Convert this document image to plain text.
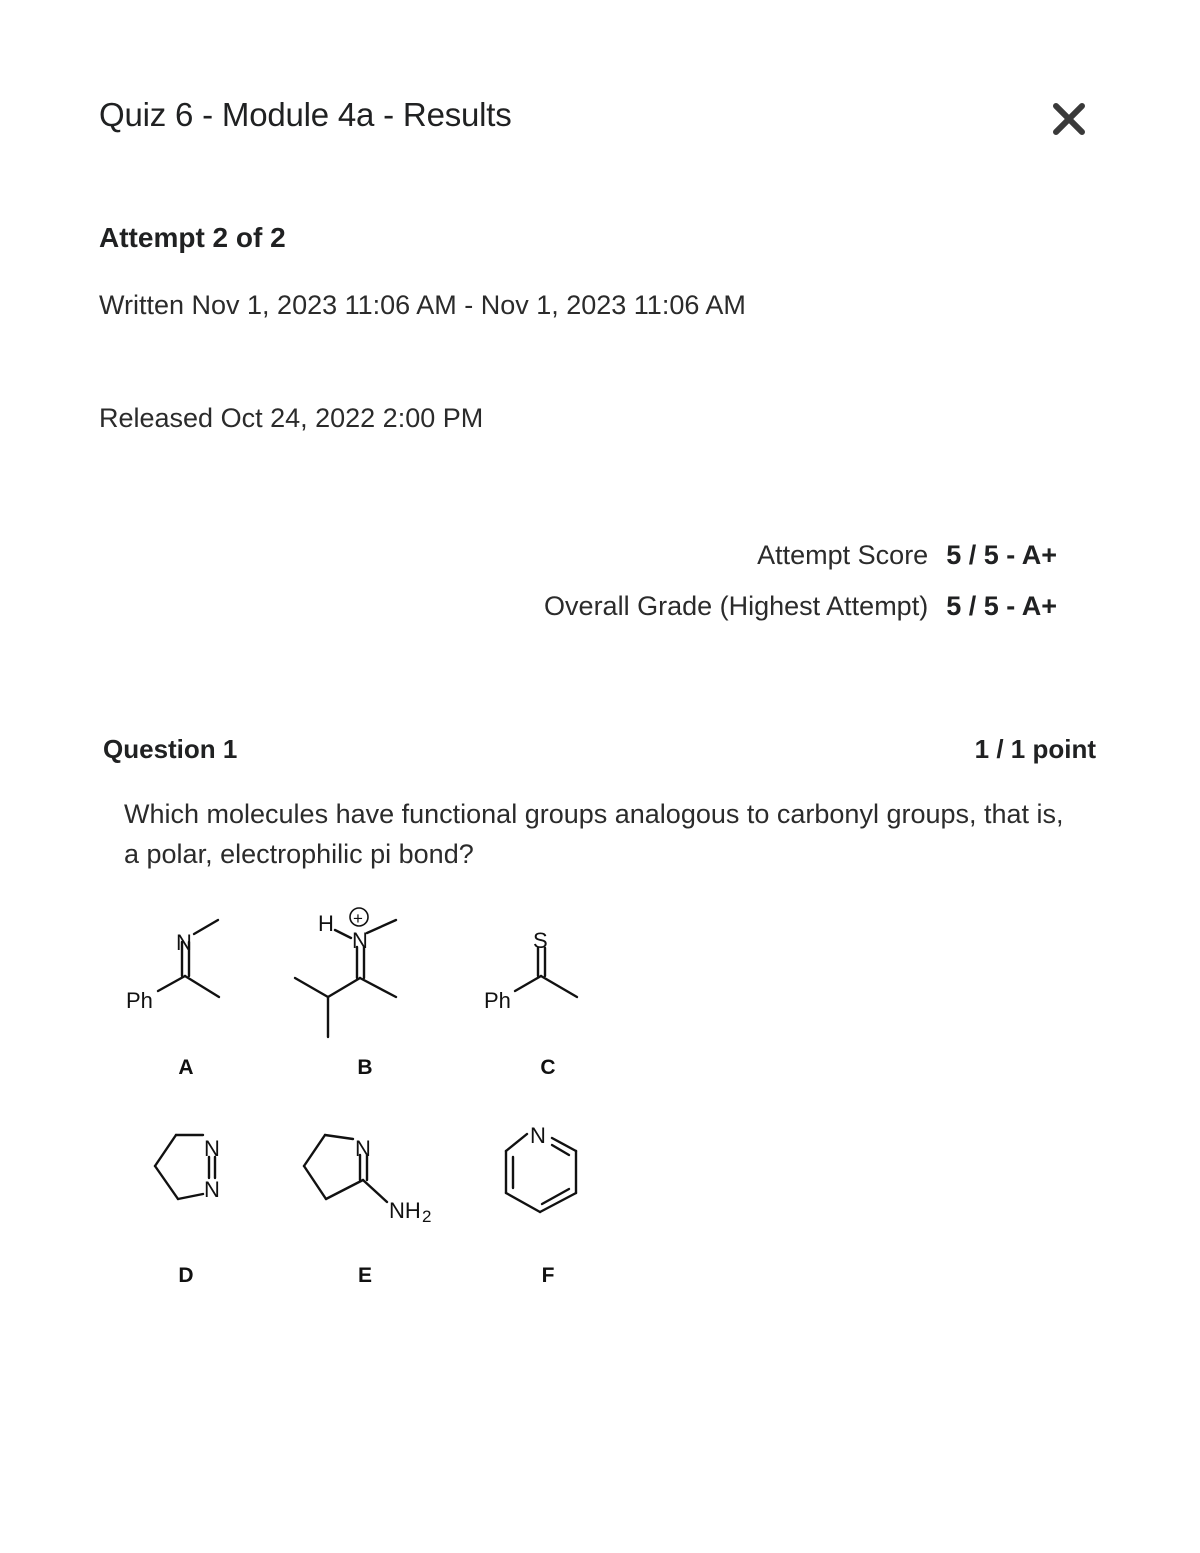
Quiz 6 - Module 4a - Results
Attempt 2 of 2
Written Nov 1, 2023 11:06 AM - Nov 1, 2023 11:06 AM
Released Oct 24, 2022 2:00 PM
Attempt Score 5 / 5 - A+
Overall Grade (Highest Attempt) 5 / 5 - A+
Question 1	1 / 1 point
Which molecules have functional groups analogous to carbonyl groups, that is, a polar, electrophilic pi bond?
N
Ph
H
N
+
S
Ph
N
N
N
NH 2
N
A	B	C
D	E	F
